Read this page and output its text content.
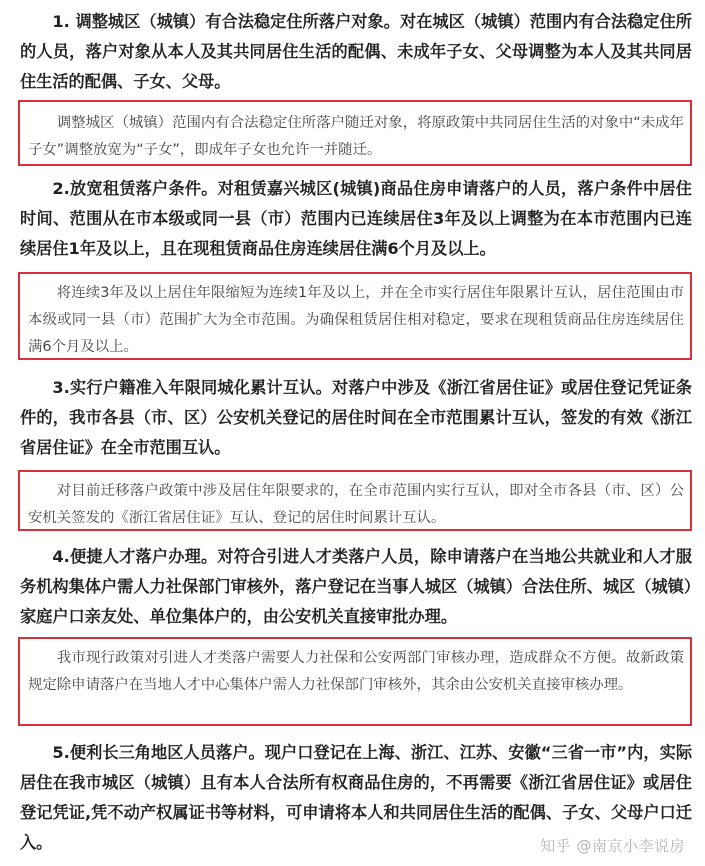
1. 调整城区（城镇）有合法稳定住所落户对象。对在城区（城镇）范围内有合法稳定住所的人员，落户对象从本人及其共同居住生活的配偶、未成年子女、父母调整为本人及其共同居住生活的配偶、子女、父母。

调整城区（城镇）范围内有合法稳定住所落户随迁对象，将原政策中共同居住生活的对象中“未成年子女”调整放宽为“子女”，即成年子女也允许一并随迁。

2.放宽租赁落户条件。对租赁嘉兴城区(城镇)商品住房申请落户的人员，落户条件中居住时间、范围从在市本级或同一县（市）范围内已连续居住3年及以上调整为在本市范围内已连续居住1年及以上，且在现租赁商品住房连续居住满6个月及以上。

将连续3年及以上居住年限缩短为连续1年及以上，并在全市实行居住年限累计互认，居住范围由市本级或同一县（市）范围扩大为全市范围。为确保租赁居住相对稳定，要求在现租赁商品住房连续居住满6个月及以上。

3.实行户籍准入年限同城化累计互认。对落户中涉及《浙江省居住证》或居住登记凭证条件的，我市各县（市、区）公安机关登记的居住时间在全市范围累计互认，签发的有效《浙江省居住证》在全市范围互认。

对目前迁移落户政策中涉及居住年限要求的，在全市范围内实行互认，即对全市各县（市、区）公安机关签发的《浙江省居住证》互认、登记的居住时间累计互认。

4.便捷人才落户办理。对符合引进人才类落户人员，除申请落户在当地公共就业和人才服务机构集体户需人力社保部门审核外，落户登记在当事人城区（城镇）合法住所、城区（城镇）家庭户口亲友处、单位集体户的，由公安机关直接审批办理。

我市现行政策对引进人才类落户需要人力社保和公安两部门审核办理，造成群众不方便。故新政策规定除申请落户在当地人才中心集体户需人力社保部门审核外，其余由公安机关直接审核办理。

5.便利长三角地区人员落户。现户口登记在上海、浙江、江苏、安徽“三省一市”内，实际居住在我市城区（城镇）且有本人合法所有权商品住房的，不再需要《浙江省居住证》或居住登记凭证,凭不动产权属证书等材料，可申请将本人和共同居住生活的配偶、子女、父母户口迁入。	知乎 @南京小李说房
